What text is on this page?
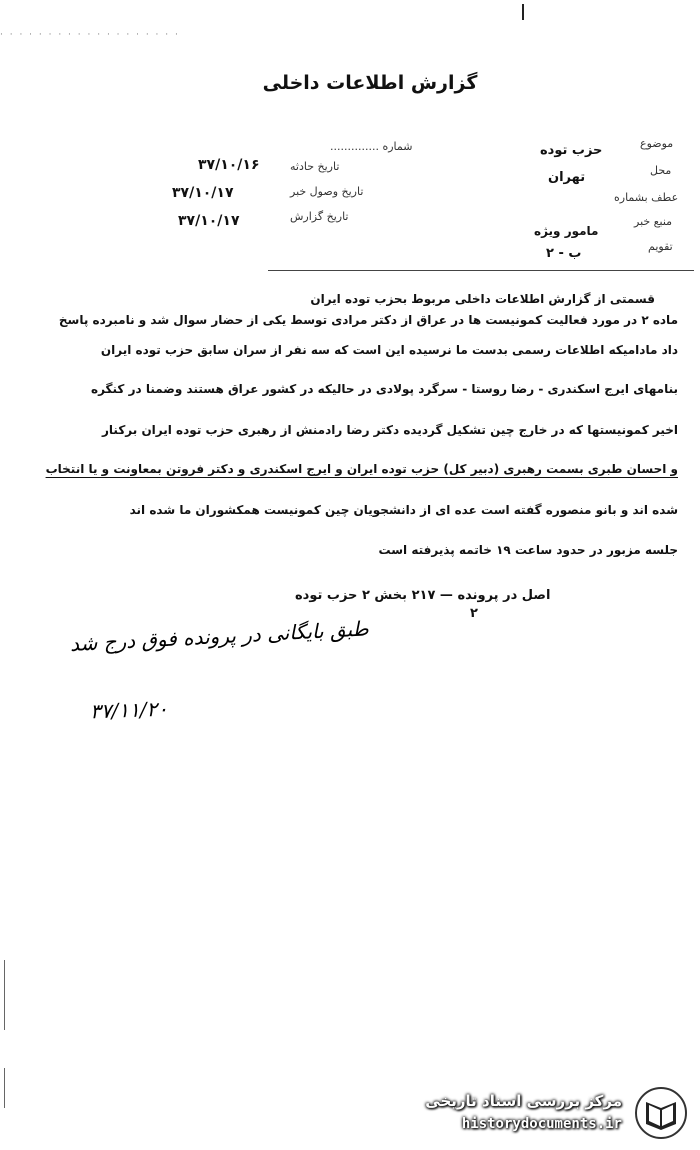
· · · · · · · · · · · · · · · · · · ·
گزارش اطلاعات داخلی
شماره ..............
تاریخ حادثه
۳۷/۱۰/۱۶
تاریخ وصول خبر
۳۷/۱۰/۱۷
تاریخ گزارش
۳۷/۱۰/۱۷
موضوع
حزب توده
محل
تهران
عطف بشماره
منبع خبر
مامور ویژه
تقویم
ب - ۲
قسمتی از گزارش اطلاعات داخلی مربوط بحزب توده ایران
ماده ۲ در مورد فعالیت کمونیست ها در عراق از دکتر مرادی توسط یکی از حضار سوال شد و نامبرده پاسخ
داد مادامیکه اطلاعات رسمی بدست ما نرسیده این است که سه نفر از سران سابق حزب توده ایران
بنامهای ایرج اسکندری - رضا روستا - سرگرد پولادی در حالیکه در کشور عراق هستند وضمنا در کنگره
اخیر کمونیستها که در خارج چین تشکیل گردیده دکتر رضا رادمنش از رهبری حزب توده ایران برکنار
و احسان طبری بسمت رهبری (دبیر کل) حزب توده ایران و ایرج اسکندری و دکتر فروتن بمعاونت و یا انتخاب
شده اند و بانو منصوره گفته است عده ای از دانشجویان چین کمونیست همکشوران ما شده اند
جلسه مزبور در حدود ساعت ۱۹ خاتمه پذیرفته است
اصل در پرونده — ۲۱۷ بخش ۲ حزب توده
۲
طبق بایگانی در پرونده فوق درج شد
۳۷/۱۱/۲۰
مرکز بررسی اسناد تاریخی
historydocuments.ir
